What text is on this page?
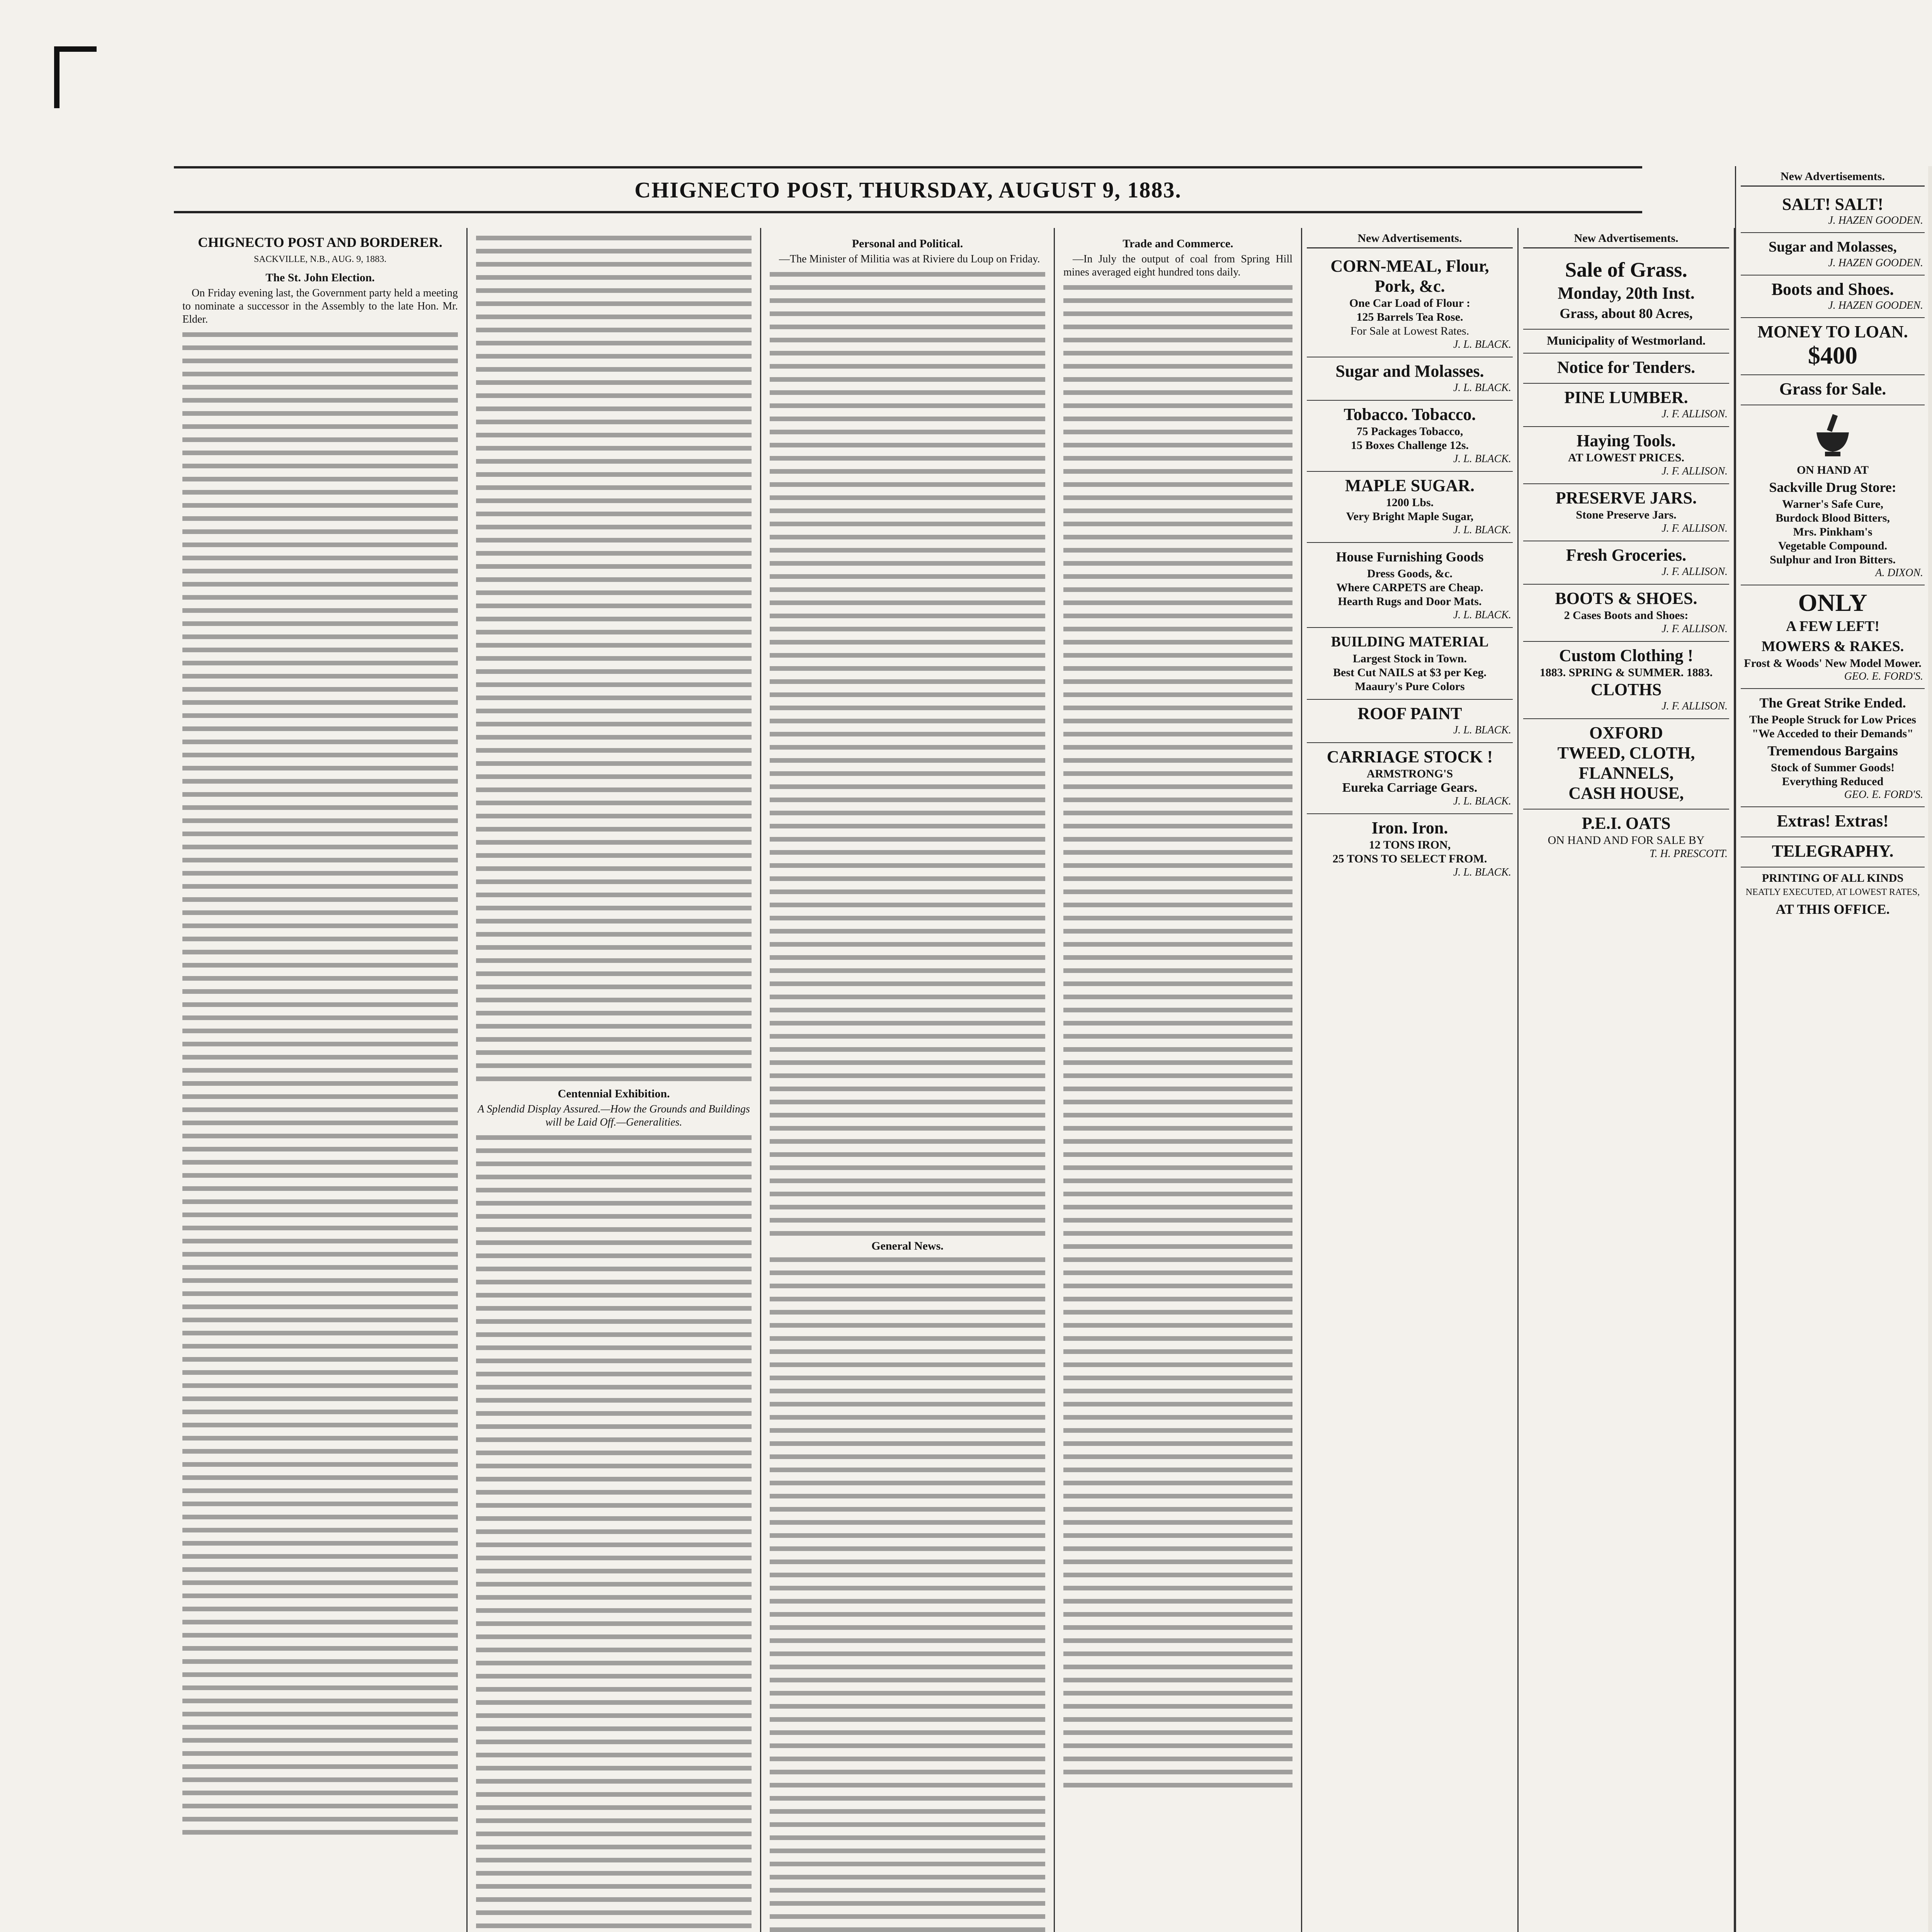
CHIGNECTO POST, THURSDAY, AUGUST 9, 1883.
CHIGNECTO POST AND BORDERER.
SACKVILLE, N.B., AUG. 9, 1883.
The St. John Election.

On Friday evening last, the Government party held a meeting to nominate a successor in the Assembly to the late Hon. Mr. Elder.

Centennial Exhibition.

A Splendid Display Assured.—How the Grounds and Buildings will be Laid Off.—Generalities.

Personal and Political.

—The Minister of Militia was at Riviere du Loup on Friday.

General News.
Trade and Commerce.

—In July the output of coal from Spring Hill mines averaged eight hundred tons daily.

New Advertisements.
CORN-MEAL, Flour, Pork, &c.
One Car Load of Flour :
125 Barrels Tea Rose.
For Sale at Lowest Rates.
J. L. BLACK.
Sugar and Molasses.
J. L. BLACK.
Tobacco. Tobacco.
75 Packages Tobacco,
15 Boxes Challenge 12s.
J. L. BLACK.
MAPLE SUGAR.
1200 Lbs.
Very Bright Maple Sugar,
J. L. BLACK.
House Furnishing Goods
Dress Goods, &c.
Where CARPETS are Cheap.
Hearth Rugs and Door Mats.
J. L. BLACK.
BUILDING MATERIAL
Largest Stock in Town.
Best Cut NAILS at $3 per Keg.
Maaury's Pure Colors
ROOF PAINT
J. L. BLACK.
CARRIAGE STOCK !
ARMSTRONG'S
Eureka Carriage Gears.
J. L. BLACK.
Iron. Iron.
12 TONS IRON,
25 TONS TO SELECT FROM.
J. L. BLACK.
New Advertisements.
Sale of Grass.
Monday, 20th Inst.
Grass, about 80 Acres,
Municipality of Westmorland.
Notice for Tenders.
PINE LUMBER.
J. F. ALLISON.
Haying Tools.
AT LOWEST PRICES.
J. F. ALLISON.
PRESERVE JARS.
Stone Preserve Jars.
J. F. ALLISON.
Fresh Groceries.
J. F. ALLISON.
BOOTS & SHOES.
2 Cases Boots and Shoes:
J. F. ALLISON.
Custom Clothing !
1883. SPRING & SUMMER. 1883.
CLOTHS
J. F. ALLISON.
OXFORD
TWEED, CLOTH,
FLANNELS,
CASH HOUSE,
P.E.I. OATS
ON HAND AND FOR SALE BY
T. H. PRESCOTT.
New Advertisements.
SALT! SALT!
J. HAZEN GOODEN.
Sugar and Molasses,
J. HAZEN GOODEN.
Boots and Shoes.
J. HAZEN GOODEN.
MONEY TO LOAN.
$400
Grass for Sale.
ON HAND AT
Sackville Drug Store:
Warner's Safe Cure,
Burdock Blood Bitters,
Mrs. Pinkham's
Vegetable Compound.
Sulphur and Iron Bitters.
A. DIXON.
ONLY
A FEW LEFT!
MOWERS & RAKES.
Frost & Woods' New Model Mower.
GEO. E. FORD'S.
The Great Strike Ended.
The People Struck for Low Prices
"We Acceded to their Demands"
Tremendous Bargains
Stock of Summer Goods!
Everything Reduced
GEO. E. FORD'S.
Extras! Extras!
TELEGRAPHY.
PRINTING OF ALL KINDS
NEATLY EXECUTED, AT LOWEST RATES,
AT THIS OFFICE.
